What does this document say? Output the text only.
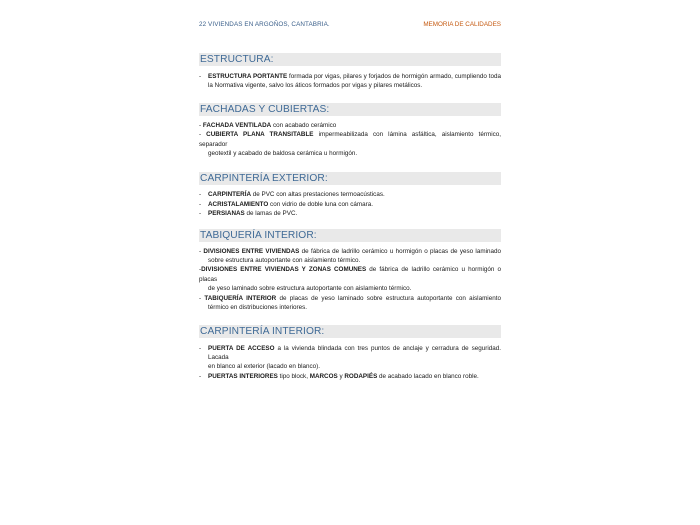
22 VIVIENDAS EN ARGOÑOS, CANTABRIA.	MEMORIA DE CALIDADES
ESTRUCTURA:
- ESTRUCTURA PORTANTE formada por vigas, pilares y forjados de hormigón armado, cumpliendo toda
la Normativa vigente, salvo los áticos formados por vigas y pilares metálicos.
FACHADAS Y CUBIERTAS:
- FACHADA VENTILADA con acabado cerámico
- CUBIERTA PLANA TRANSITABLE impermeabilizada con lámina asfáltica, aislamiento térmico, separador
geotextil y acabado de baldosa cerámica u hormigón.
CARPINTERÍA EXTERIOR:
- CARPINTERÍA de PVC con altas prestaciones termoacústicas.
- ACRISTALAMIENTO con vidrio de doble luna con cámara.
- PERSIANAS de lamas de PVC.
TABIQUERÍA INTERIOR:
- DIVISIONES ENTRE VIVIENDAS de fábrica de ladrillo cerámico u hormigón o placas de yeso laminado
sobre estructura autoportante con aislamiento térmico.
-DIVISIONES ENTRE VIVIENDAS Y ZONAS COMUNES de fábrica de ladrillo cerámico u hormigón o placas
de yeso laminado sobre estructura autoportante con aislamiento térmico.
- TABIQUERÍA INTERIOR de placas de yeso laminado sobre estructura autoportante con aislamiento
térmico en distribuciones interiores.
CARPINTERÍA INTERIOR:
- PUERTA DE ACCESO a la vivienda blindada con tres puntos de anclaje y cerradura de seguridad. Lacada
en blanco al exterior (lacado en blanco).
- PUERTAS INTERIORES tipo block, MARCOS y RODAPIÉS de acabado lacado en blanco roble.
